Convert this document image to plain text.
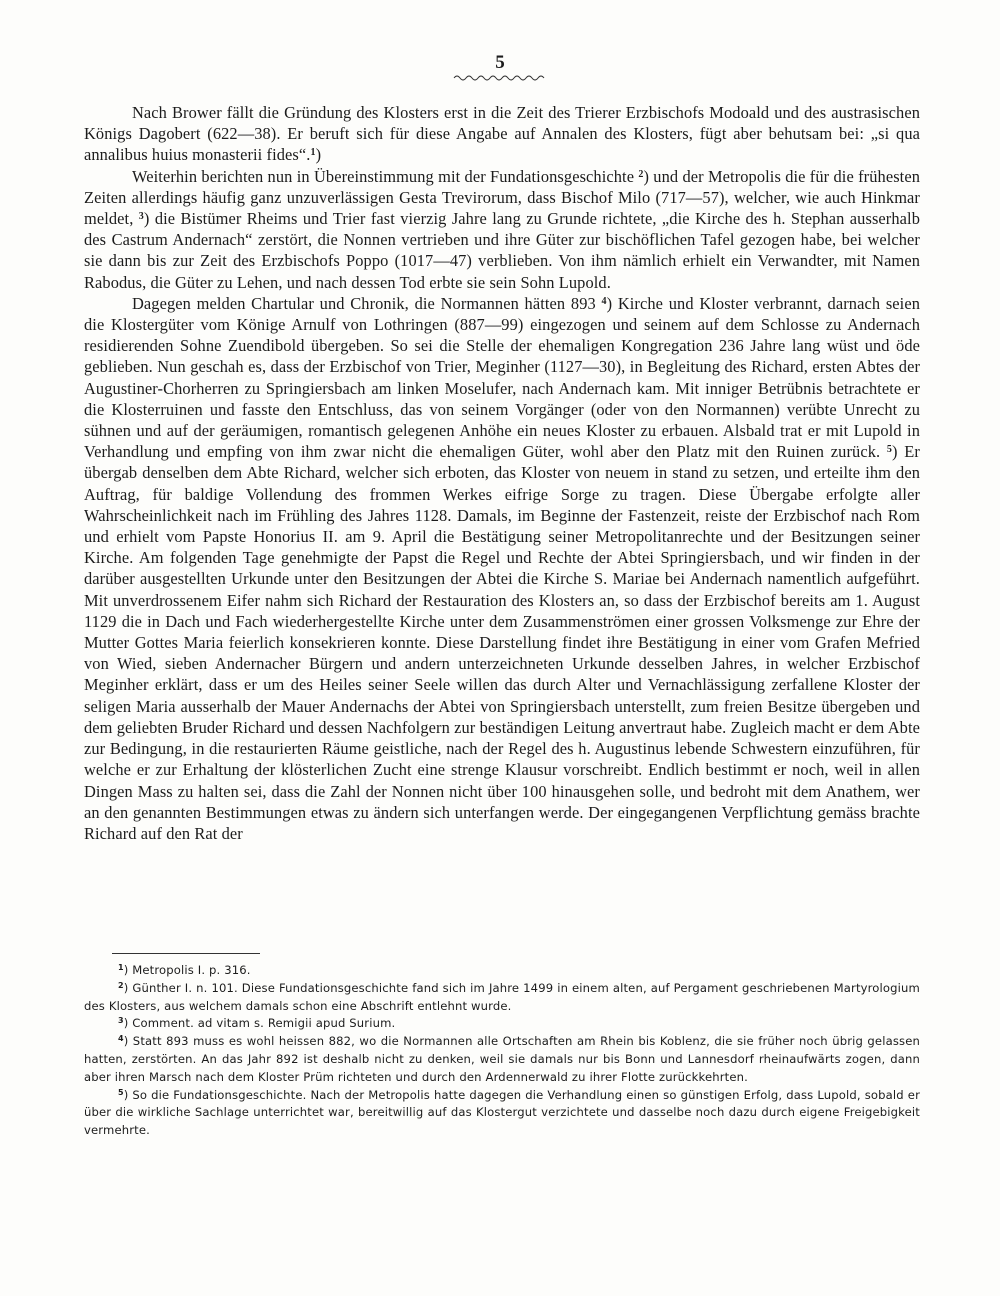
5

Nach Brower fällt die Gründung des Klosters erst in die Zeit des Trierer Erzbischofs Modoald und des austrasischen Königs Dagobert (622—38). Er beruft sich für diese Angabe auf Annalen des Klosters, fügt aber behutsam bei: „si qua annalibus huius monasterii fides“.$^1$)

Weiterhin berichten nun in Übereinstimmung mit der Fundationsgeschichte $^2$) und der Metropolis die für die frühesten Zeiten allerdings häufig ganz unzuverlässigen Gesta Trevirorum, dass Bischof Milo (717—57), welcher, wie auch Hinkmar meldet, $^3$) die Bistümer Rheims und Trier fast vierzig Jahre lang zu Grunde richtete, „die Kirche des h. Stephan ausserhalb des Castrum Andernach“ zerstört, die Nonnen vertrieben und ihre Güter zur bischöflichen Tafel gezogen habe, bei welcher sie dann bis zur Zeit des Erzbischofs Poppo (1017—47) verblieben. Von ihm nämlich erhielt ein Verwandter, mit Namen Rabodus, die Güter zu Lehen, und nach dessen Tod erbte sie sein Sohn Lupold.

Dagegen melden Chartular und Chronik, die Normannen hätten 893 $^4$) Kirche und Kloster verbrannt, darnach seien die Klostergüter vom Könige Arnulf von Lothringen (887—99) eingezogen und seinem auf dem Schlosse zu Andernach residierenden Sohne Zuendibold übergeben. So sei die Stelle der ehemaligen Kongregation 236 Jahre lang wüst und öde geblieben. Nun geschah es, dass der Erzbischof von Trier, Meginher (1127—30), in Begleitung des Richard, ersten Abtes der Augustiner-Chorherren zu Springiersbach am linken Moselufer, nach Andernach kam. Mit inniger Betrübnis betrachtete er die Klosterruinen und fasste den Entschluss, das von seinem Vorgänger (oder von den Normannen) verübte Unrecht zu sühnen und auf der geräumigen, romantisch gelegenen Anhöhe ein neues Kloster zu erbauen. Alsbald trat er mit Lupold in Verhandlung und empfing von ihm zwar nicht die ehemaligen Güter, wohl aber den Platz mit den Ruinen zurück. $^5$) Er übergab denselben dem Abte Richard, welcher sich erboten, das Kloster von neuem in stand zu setzen, und erteilte ihm den Auftrag, für baldige Vollendung des frommen Werkes eifrige Sorge zu tragen. Diese Übergabe erfolgte aller Wahrscheinlichkeit nach im Frühling des Jahres 1128. Damals, im Beginne der Fastenzeit, reiste der Erzbischof nach Rom und erhielt vom Papste Honorius II. am 9. April die Bestätigung seiner Metropolitanrechte und der Besitzungen seiner Kirche. Am folgenden Tage genehmigte der Papst die Regel und Rechte der Abtei Springiersbach, und wir finden in der darüber ausgestellten Urkunde unter den Besitzungen der Abtei die Kirche S. Mariae bei Andernach namentlich aufgeführt. Mit unverdrossenem Eifer nahm sich Richard der Restauration des Klosters an, so dass der Erzbischof bereits am 1. August 1129 die in Dach und Fach wiederhergestellte Kirche unter dem Zusammenströmen einer grossen Volksmenge zur Ehre der Mutter Gottes Maria feierlich konsekrieren konnte. Diese Darstellung findet ihre Bestätigung in einer vom Grafen Mefried von Wied, sieben Andernacher Bürgern und andern unterzeichneten Urkunde desselben Jahres, in welcher Erzbischof Meginher erklärt, dass er um des Heiles seiner Seele willen das durch Alter und Vernachlässigung zerfallene Kloster der seligen Maria ausserhalb der Mauer Andernachs der Abtei von Springiersbach unterstellt, zum freien Besitze übergeben und dem geliebten Bruder Richard und dessen Nachfolgern zur beständigen Leitung anvertraut habe. Zugleich macht er dem Abte zur Bedingung, in die restaurierten Räume geistliche, nach der Regel des h. Augustinus lebende Schwestern einzuführen, für welche er zur Erhaltung der klösterlichen Zucht eine strenge Klausur vorschreibt. Endlich bestimmt er noch, weil in allen Dingen Mass zu halten sei, dass die Zahl der Nonnen nicht über 100 hinausgehen solle, und bedroht mit dem Anathem, wer an den genannten Bestimmungen etwas zu ändern sich unterfangen werde. Der eingegangenen Verpflichtung gemäss brachte Richard auf den Rat der

$^1$) Metropolis I. p. 316.

$^2$) Günther I. n. 101. Diese Fundationsgeschichte fand sich im Jahre 1499 in einem alten, auf Pergament geschriebenen Martyrologium des Klosters, aus welchem damals schon eine Abschrift entlehnt wurde.

$^3$) Comment. ad vitam s. Remigii apud Surium.

$^4$) Statt 893 muss es wohl heissen 882, wo die Normannen alle Ortschaften am Rhein bis Koblenz, die sie früher noch übrig gelassen hatten, zerstörten. An das Jahr 892 ist deshalb nicht zu denken, weil sie damals nur bis Bonn und Lannesdorf rheinaufwärts zogen, dann aber ihren Marsch nach dem Kloster Prüm richteten und durch den Ardennerwald zu ihrer Flotte zurückkehrten.

$^5$) So die Fundationsgeschichte. Nach der Metropolis hatte dagegen die Verhandlung einen so günstigen Erfolg, dass Lupold, sobald er über die wirkliche Sachlage unterrichtet war, bereitwillig auf das Klostergut verzichtete und dasselbe noch dazu durch eigene Freigebigkeit vermehrte.
